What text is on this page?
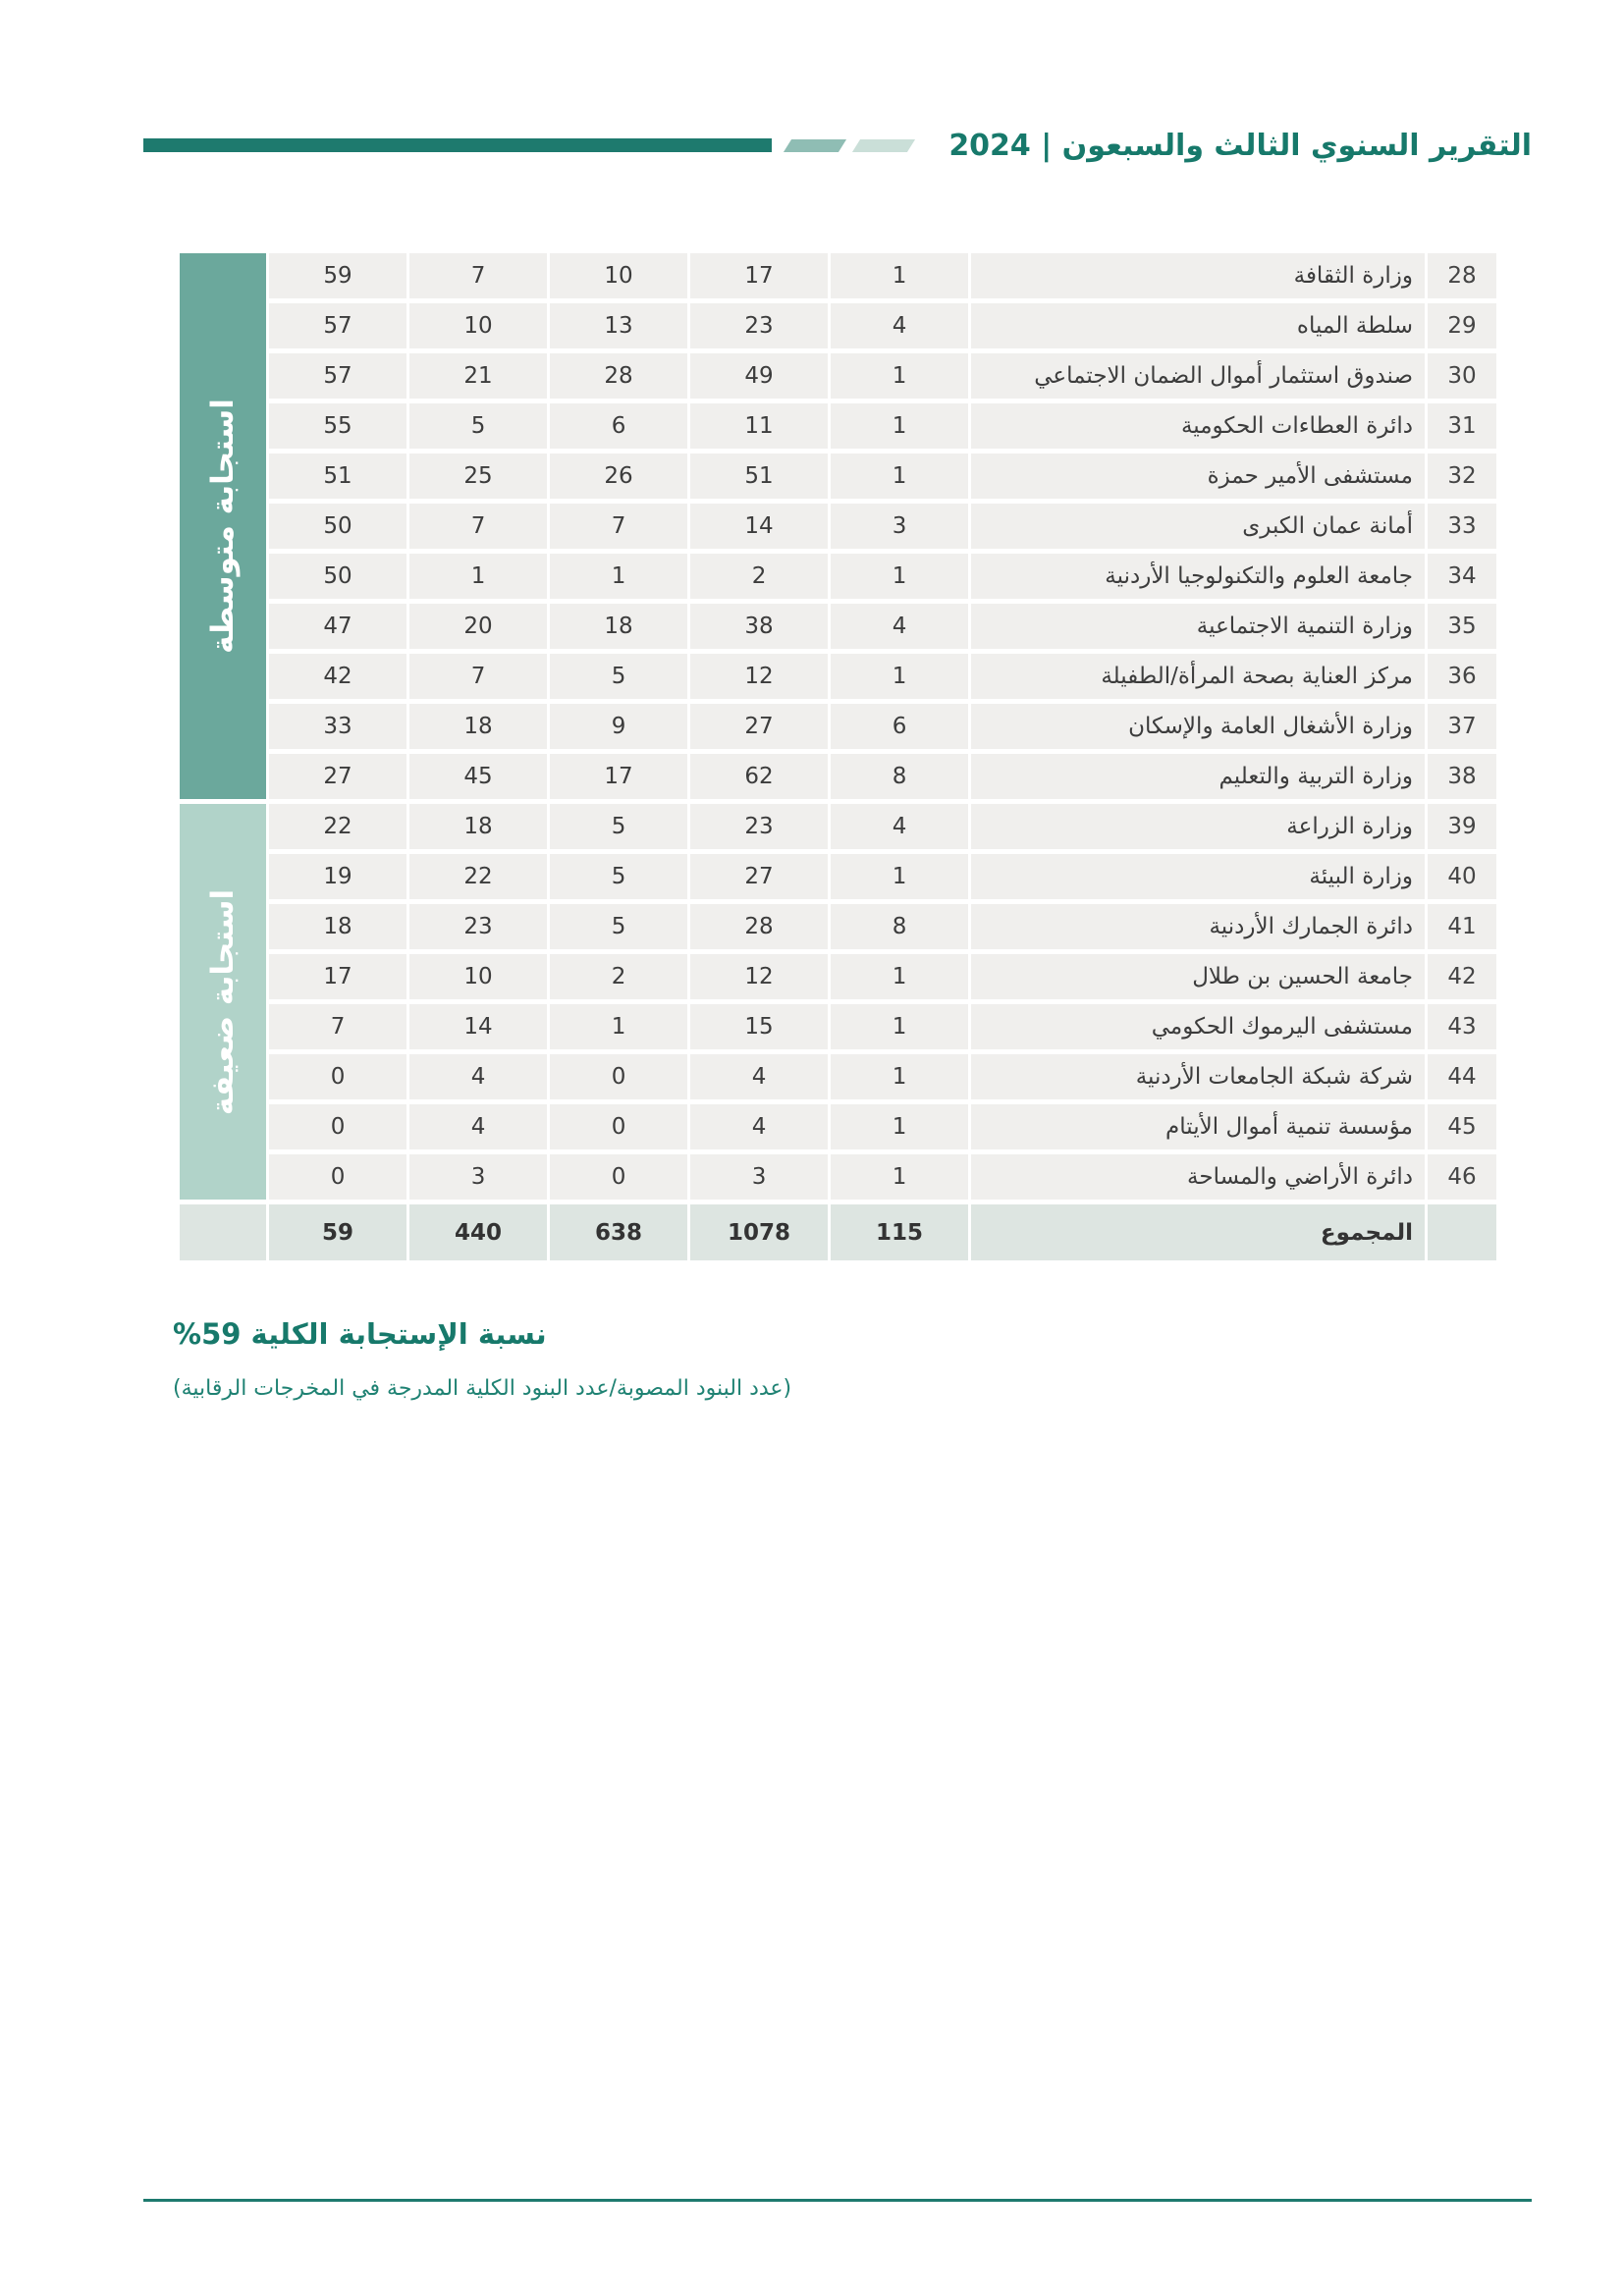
التقرير السنوي الثالث والسبعون | 2024
28
وزارة الثقافة
1
17
10
7
59
29
سلطة المياه
4
23
13
10
57
30
صندوق استثمار أموال الضمان الاجتماعي
1
49
28
21
57
31
دائرة العطاءات الحكومية
1
11
6
5
55
32
مستشفى الأمير حمزة
1
51
26
25
51
33
أمانة عمان الكبرى
3
14
7
7
50
34
جامعة العلوم والتكنولوجيا الأردنية
1
2
1
1
50
35
وزارة التنمية الاجتماعية
4
38
18
20
47
36
مركز العناية بصحة المرأة/الطفيلة
1
12
5
7
42
37
وزارة الأشغال العامة والإسكان
6
27
9
18
33
38
وزارة التربية والتعليم
8
62
17
45
27
39
وزارة الزراعة
4
23
5
18
22
40
وزارة البيئة
1
27
5
22
19
41
دائرة الجمارك الأردنية
8
28
5
23
18
42
جامعة الحسين بن طلال
1
12
2
10
17
43
مستشفى اليرموك الحكومي
1
15
1
14
7
44
شركة شبكة الجامعات الأردنية
1
4
0
4
0
45
مؤسسة تنمية أموال الأيتام
1
4
0
4
0
46
دائرة الأراضي والمساحة
1
3
0
3
0
المجموع
115
1078
638
440
59
استجابة متوسطة
استجابة ضعيفة
نسبة الإستجابة الكلية 59%
(عدد البنود المصوبة/عدد البنود الكلية المدرجة في المخرجات الرقابية)
